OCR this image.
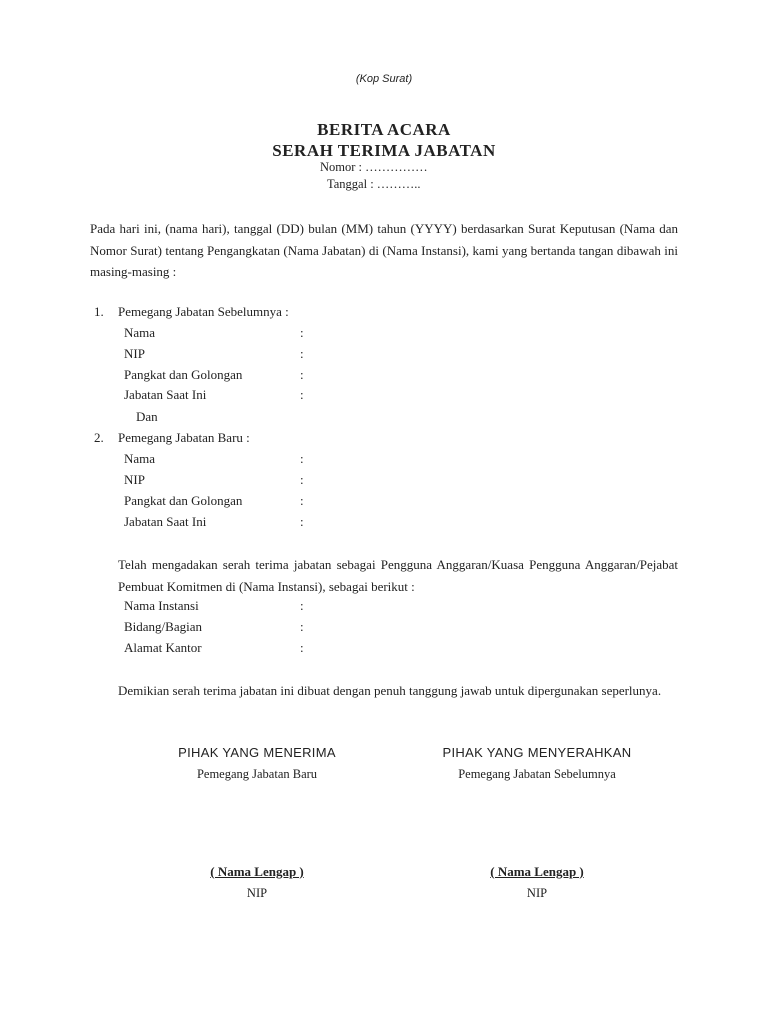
(Kop Surat)
BERITA ACARA
SERAH TERIMA JABATAN
Nomor : ……………
Tanggal : ………..
Pada hari ini, (nama hari), tanggal (DD) bulan (MM) tahun (YYYY) berdasarkan Surat Keputusan (Nama dan Nomor Surat) tentang Pengangkatan (Nama Jabatan) di (Nama Instansi), kami yang bertanda tangan dibawah ini masing-masing :
1. Pemegang Jabatan Sebelumnya :
Nama	:
NIP	:
Pangkat dan Golongan	:
Jabatan Saat Ini	:
Dan
2. Pemegang Jabatan Baru :
Nama	:
NIP	:
Pangkat dan Golongan	:
Jabatan Saat Ini	:
Telah mengadakan serah terima jabatan sebagai Pengguna Anggaran/Kuasa Pengguna Anggaran/Pejabat Pembuat Komitmen di (Nama Instansi), sebagai berikut :
Nama Instansi	:
Bidang/Bagian	:
Alamat Kantor	:
Demikian serah terima jabatan ini dibuat dengan penuh tanggung jawab untuk dipergunakan seperlunya.
PIHAK YANG MENERIMA	PIHAK YANG MENYERAHKAN
Pemegang Jabatan Baru	Pemegang Jabatan Sebelumnya
( Nama Lengap )	( Nama Lengap )
NIP	NIP
